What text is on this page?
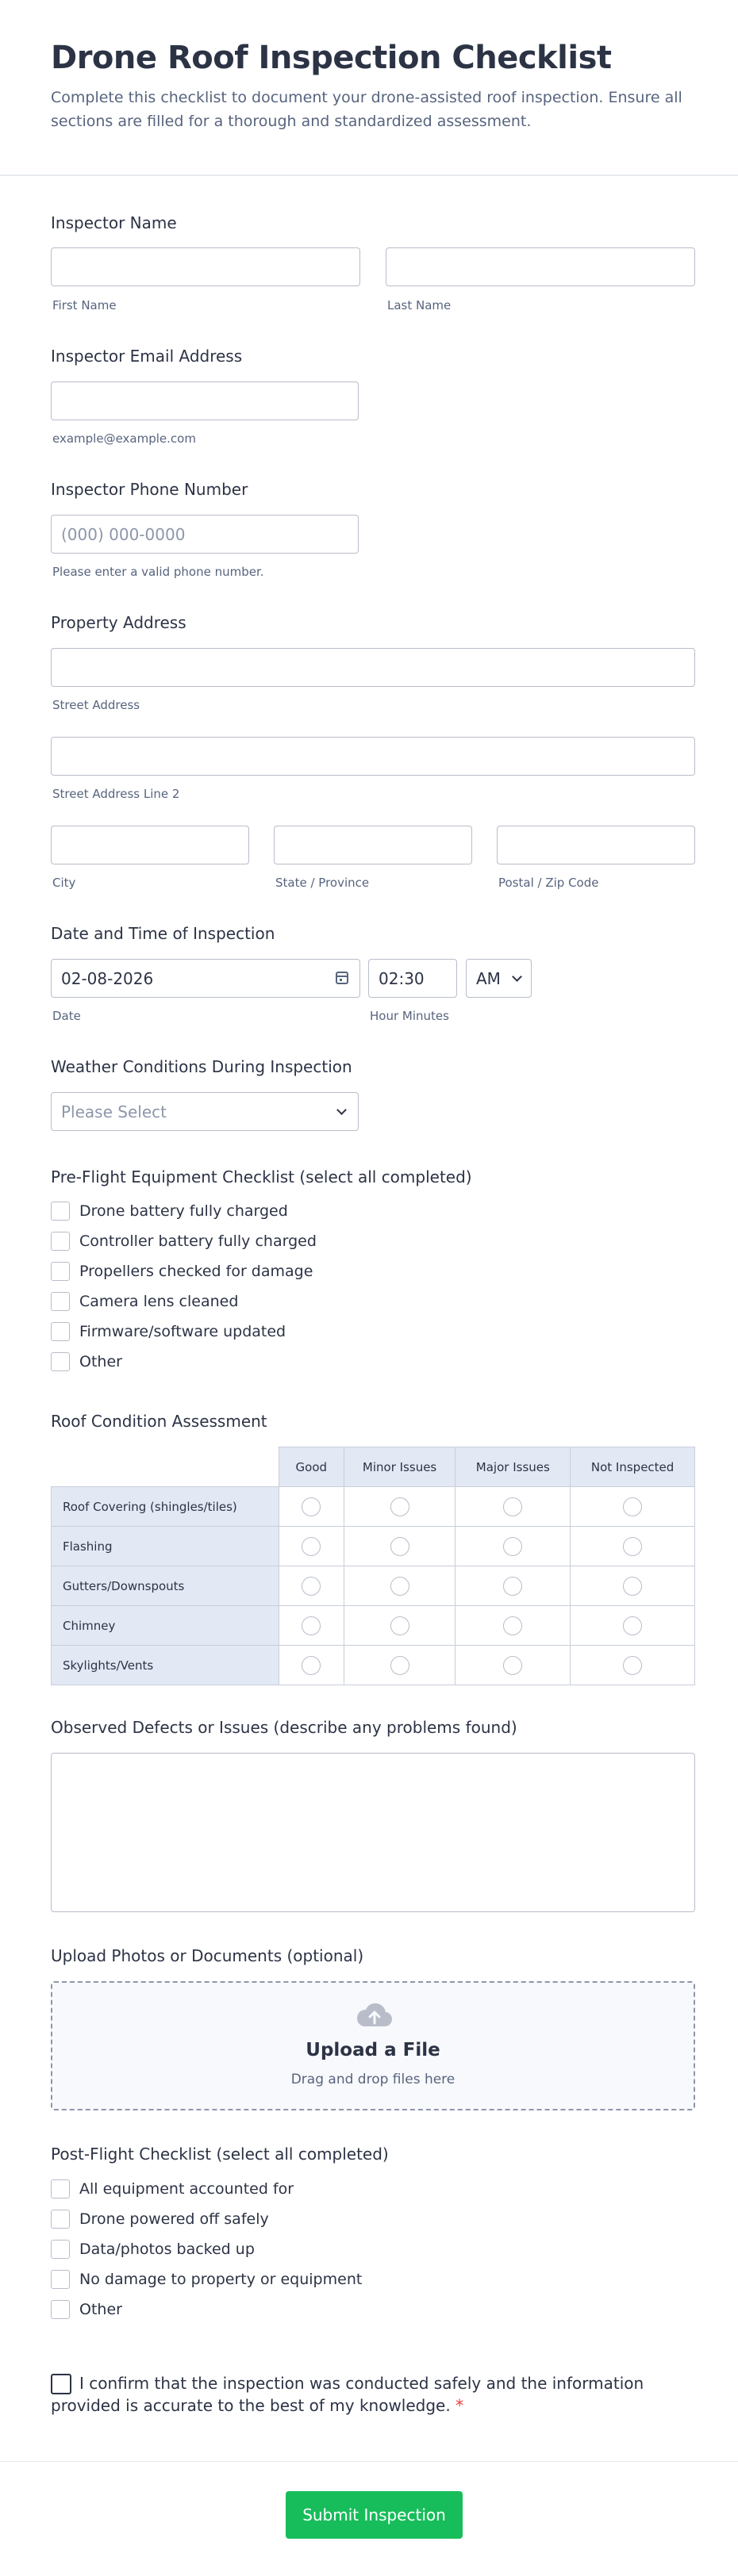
Drone Roof Inspection Checklist
Complete this checklist to document your drone-assisted roof inspection. Ensure all sections are filled for a thorough and standardized assessment.
Inspector Name
First Name	Last Name
Inspector Email Address
example@example.com
Inspector Phone Number
(000) 000-0000
Please enter a valid phone number.
Property Address
Street Address
Street Address Line 2
City	State / Province	Postal / Zip Code
Date and Time of Inspection
02-08-2026	02:30	AM
Date	Hour Minutes
Weather Conditions During Inspection
Please Select
Pre-Flight Equipment Checklist (select all completed)
Drone battery fully charged
Controller battery fully charged
Propellers checked for damage
Camera lens cleaned
Firmware/software updated
Other
Roof Condition Assessment
	Good	Minor Issues	Major Issues	Not Inspected
Roof Covering (shingles/tiles)				
Flashing				
Gutters/Downspouts				
Chimney				
Skylights/Vents				
Observed Defects or Issues (describe any problems found)
Upload Photos or Documents (optional)
Upload a File
Drag and drop files here
Post-Flight Checklist (select all completed)
All equipment accounted for
Drone powered off safely
Data/photos backed up
No damage to property or equipment
Other
I confirm that the inspection was conducted safely and the information provided is accurate to the best of my knowledge. *
Submit Inspection
